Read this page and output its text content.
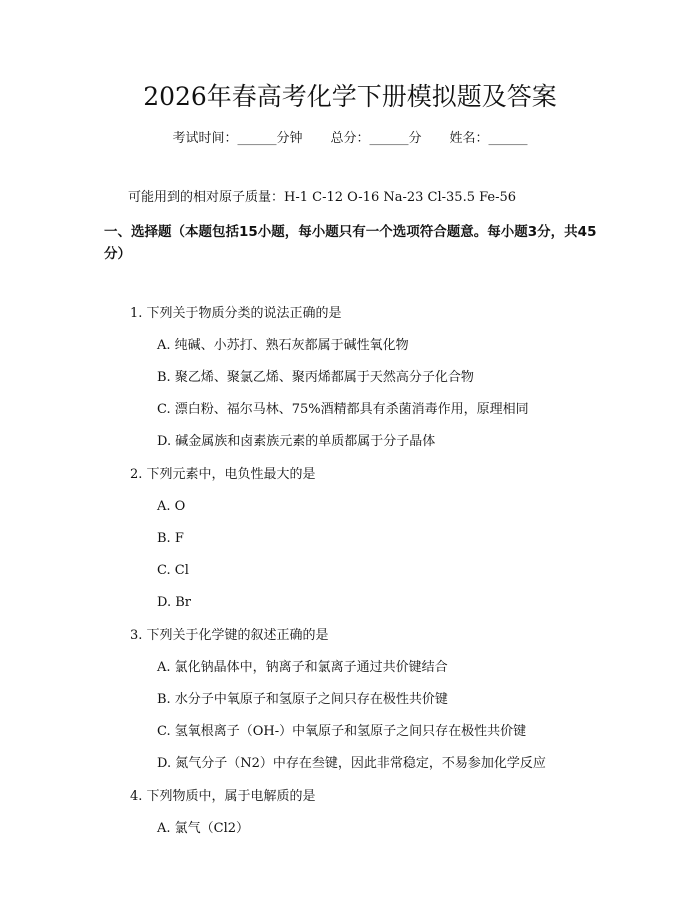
2026年春高考化学下册模拟题及答案
考试时间：______分钟 总分：______分 姓名：______
可能用到的相对原子质量：H-1 C-12 O-16 Na-23 Cl-35.5 Fe-56
一、选择题（本题包括15小题，每小题只有一个选项符合题意。每小题3分，共45分）
1. 下列关于物质分类的说法正确的是
A. 纯碱、小苏打、熟石灰都属于碱性氧化物
B. 聚乙烯、聚氯乙烯、聚丙烯都属于天然高分子化合物
C. 漂白粉、福尔马林、75%酒精都具有杀菌消毒作用，原理相同
D. 碱金属族和卤素族元素的单质都属于分子晶体
2. 下列元素中，电负性最大的是
A. O
B. F
C. Cl
D. Br
3. 下列关于化学键的叙述正确的是
A. 氯化钠晶体中，钠离子和氯离子通过共价键结合
B. 水分子中氧原子和氢原子之间只存在极性共价键
C. 氢氧根离子（OH-）中氧原子和氢原子之间只存在极性共价键
D. 氮气分子（N2）中存在叁键，因此非常稳定，不易参加化学反应
4. 下列物质中，属于电解质的是
A. 氯气（Cl2）
